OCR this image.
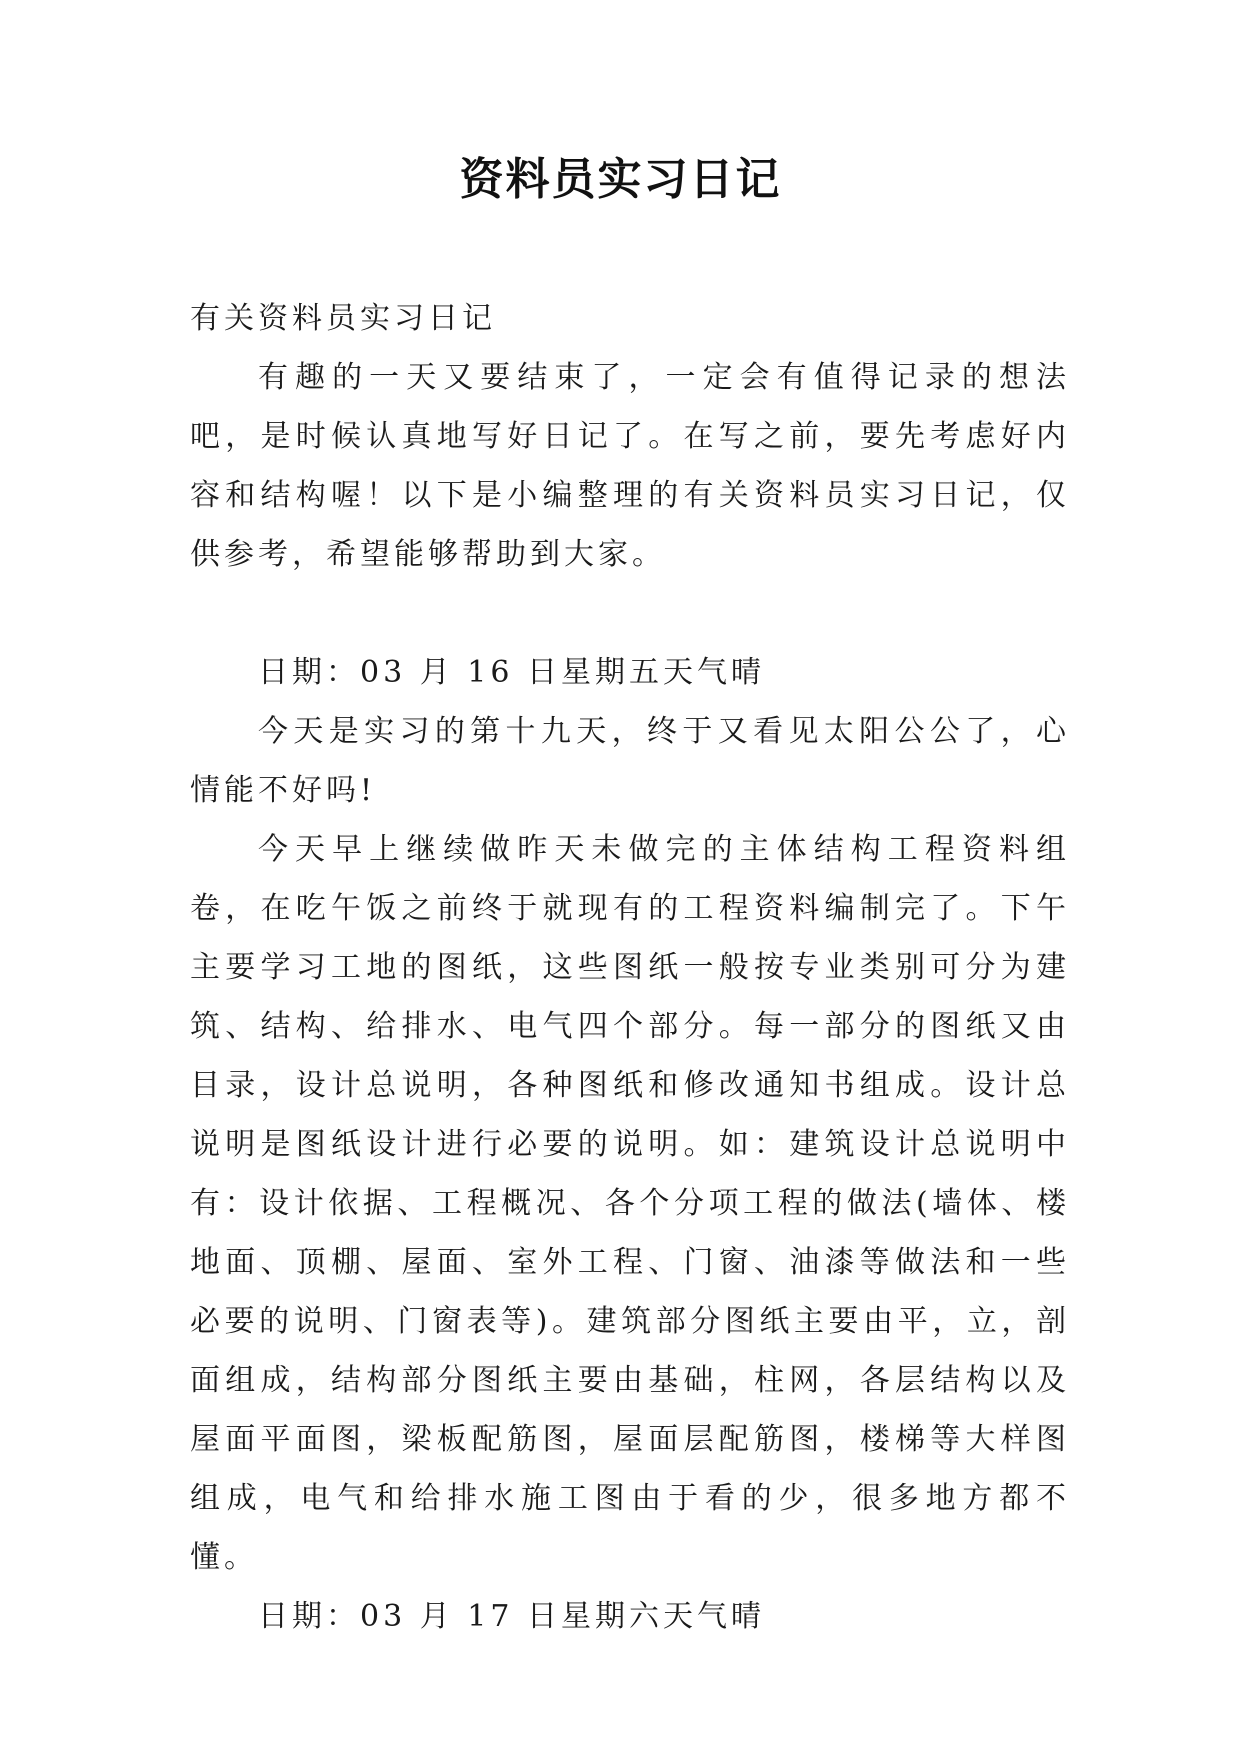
资料员实习日记

有关资料员实习日记

有趣的一天又要结束了，一定会有值得记录的想法吧，是时候认真地写好日记了。在写之前，要先考虑好内容和结构喔！以下是小编整理的有关资料员实习日记，仅供参考，希望能够帮助到大家。

日期：03 月 16 日星期五天气晴

今天是实习的第十九天，终于又看见太阳公公了，心情能不好吗!

今天早上继续做昨天未做完的主体结构工程资料组卷，在吃午饭之前终于就现有的工程资料编制完了。下午主要学习工地的图纸，这些图纸一般按专业类别可分为建筑、结构、给排水、电气四个部分。每一部分的图纸又由目录，设计总说明，各种图纸和修改通知书组成。设计总说明是图纸设计进行必要的说明。如：建筑设计总说明中有：设计依据、工程概况、各个分项工程的做法(墙体、楼地面、顶棚、屋面、室外工程、门窗、油漆等做法和一些必要的说明、门窗表等)。建筑部分图纸主要由平，立，剖面组成，结构部分图纸主要由基础，柱网，各层结构以及屋面平面图，梁板配筋图，屋面层配筋图，楼梯等大样图组成，电气和给排水施工图由于看的少，很多地方都不懂。

日期：03 月 17 日星期六天气晴
